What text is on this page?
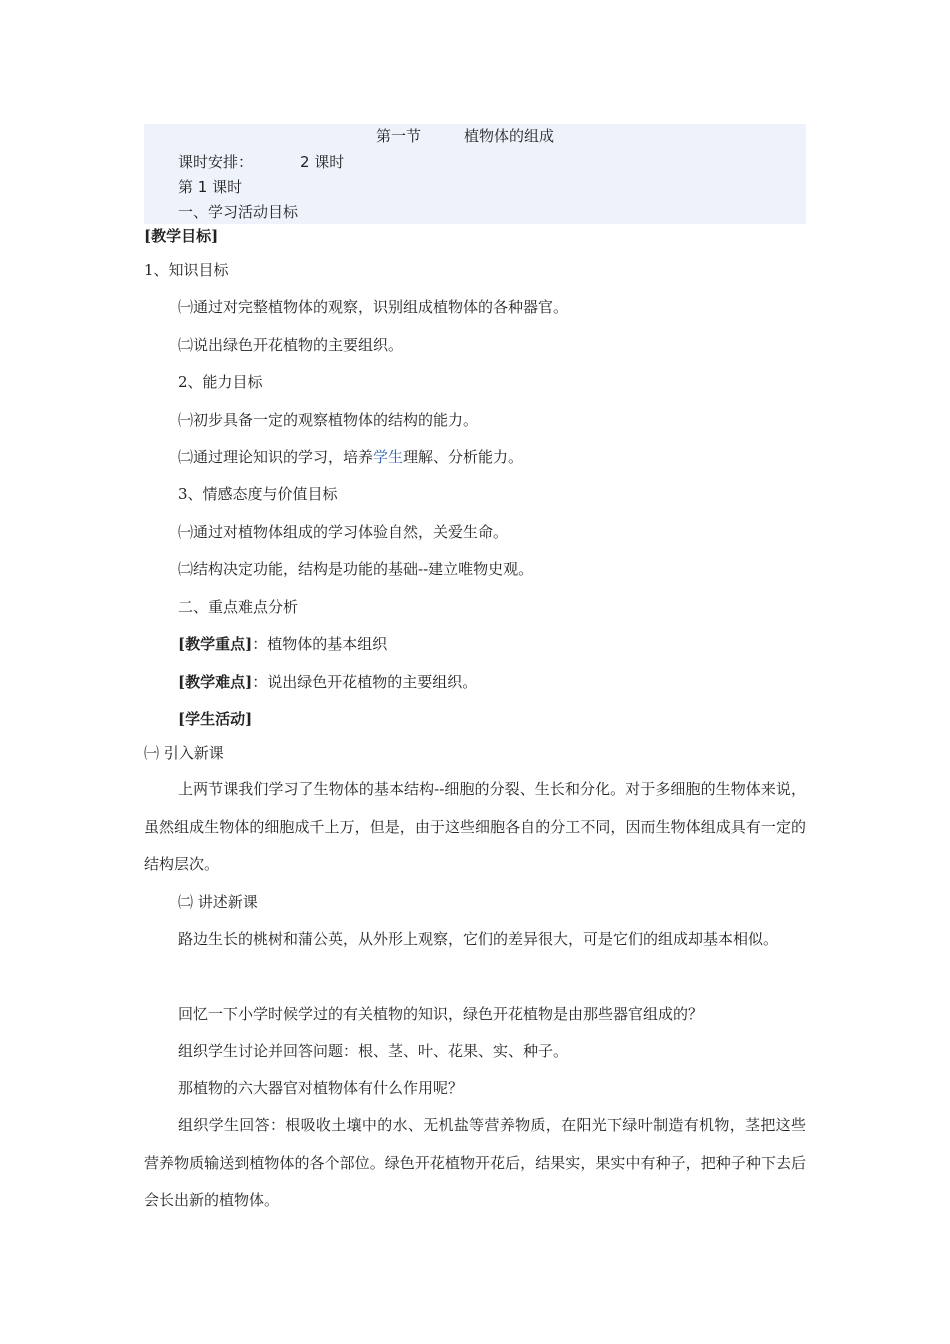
第一节	植物体的组成
课时安排：	2 课时
第 1 课时
一、学习活动目标
[教学目标]
1、知识目标
㈠通过对完整植物体的观察，识别组成植物体的各种器官。
㈡说出绿色开花植物的主要组织。
2、能力目标
㈠初步具备一定的观察植物体的结构的能力。
㈡通过理论知识的学习，培养学生理解、分析能力。
3、情感态度与价值目标
㈠通过对植物体组成的学习体验自然，关爱生命。
㈡结构决定功能，结构是功能的基础--建立唯物史观。
二、重点难点分析
[教学重点]：植物体的基本组织
[教学难点]：说出绿色开花植物的主要组织。
[学生活动]
㈠ 引入新课
上两节课我们学习了生物体的基本结构--细胞的分裂、生长和分化。对于多细胞的生物体来说，虽然组成生物体的细胞成千上万，但是，由于这些细胞各自的分工不同，因而生物体组成具有一定的结构层次。
㈡ 讲述新课
路边生长的桃树和蒲公英，从外形上观察，它们的差异很大，可是它们的组成却基本相似。
回忆一下小学时候学过的有关植物的知识，绿色开花植物是由那些器官组成的？
组织学生讨论并回答问题：根、茎、叶、花果、实、种子。
那植物的六大器官对植物体有什么作用呢？
组织学生回答：根吸收土壤中的水、无机盐等营养物质，在阳光下绿叶制造有机物，茎把这些营养物质输送到植物体的各个部位。绿色开花植物开花后，结果实，果实中有种子，把种子种下去后会长出新的植物体。
